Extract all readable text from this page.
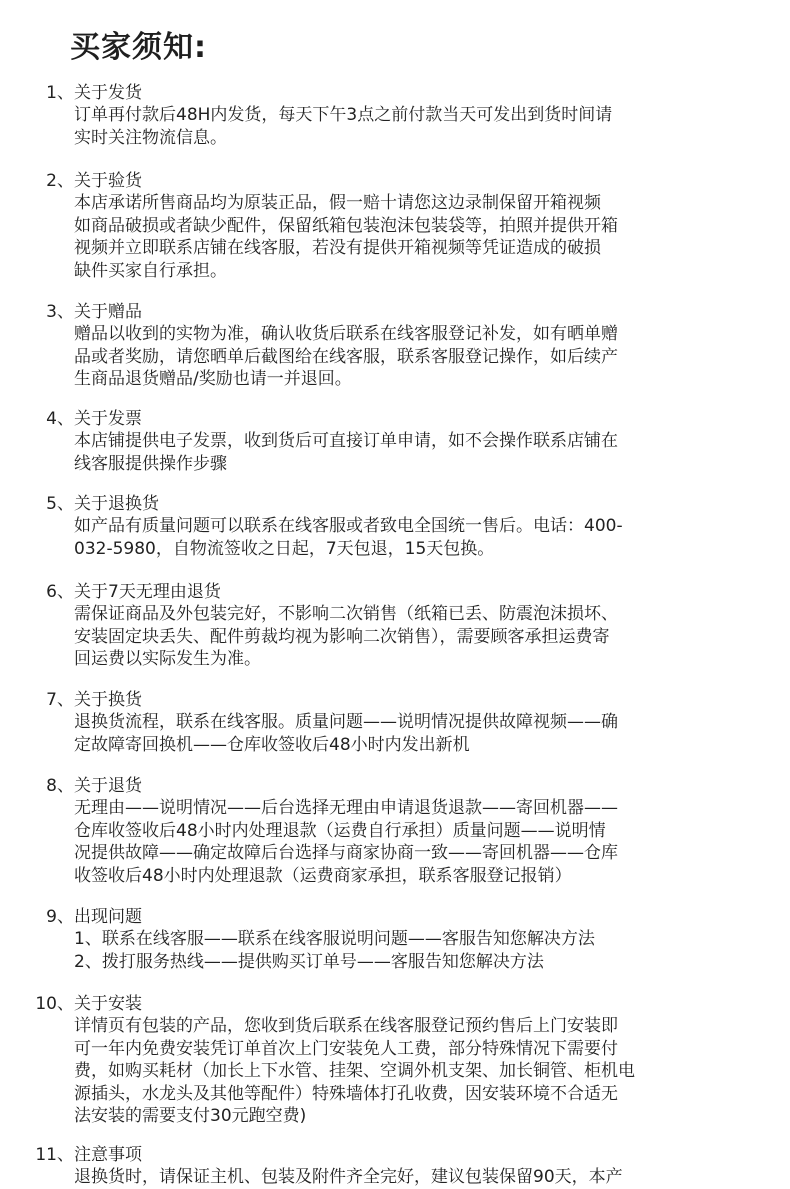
买家须知:
1、 关于发货
订单再付款后48H内发货，每天下午3点之前付款当天可发出到货时间请
实时关注物流信息。
2、 关于验货
本店承诺所售商品均为原装正品，假一赔十请您这边录制保留开箱视频
如商品破损或者缺少配件，保留纸箱包装泡沫包装袋等，拍照并提供开箱
视频并立即联系店铺在线客服，若没有提供开箱视频等凭证造成的破损
缺件买家自行承担。
3、 关于赠品
赠品以收到的实物为准，确认收货后联系在线客服登记补发，如有晒单赠
品或者奖励，请您晒单后截图给在线客服，联系客服登记操作，如后续产
生商品退货赠品/奖励也请一并退回。
4、 关于发票
本店铺提供电子发票，收到货后可直接订单申请，如不会操作联系店铺在
线客服提供操作步骤
5、 关于退换货
如产品有质量问题可以联系在线客服或者致电全国统一售后。电话：400-
032-5980，自物流签收之日起，7天包退，15天包换。
6、 关于7天无理由退货
需保证商品及外包装完好，不影响二次销售（纸箱已丢、防震泡沫损坏、
安装固定块丢失、配件剪裁均视为影响二次销售），需要顾客承担运费寄
回运费以实际发生为准。
7、 关于换货
退换货流程，联系在线客服。质量问题——说明情况提供故障视频——确
定故障寄回换机——仓库收签收后48小时内发出新机
8、 关于退货
无理由——说明情况——后台选择无理由申请退货退款——寄回机器——
仓库收签收后48小时内处理退款（运费自行承担）质量问题——说明情
况提供故障——确定故障后台选择与商家协商一致——寄回机器——仓库
收签收后48小时内处理退款（运费商家承担，联系客服登记报销）
9、 出现问题
1、联系在线客服——联系在线客服说明问题——客服告知您解决方法
2、拨打服务热线——提供购买订单号——客服告知您解决方法
10、 关于安装
详情页有包装的产品，您收到货后联系在线客服登记预约售后上门安装即
可一年内免费安装凭订单首次上门安装免人工费，部分特殊情况下需要付
费，如购买耗材（加长上下水管、挂架、空调外机支架、加长铜管、柜机电
源插头，水龙头及其他等配件）特殊墙体打孔收费，因安装环境不合适无
法安装的需要支付30元跑空费)
11、 注意事项
退换货时，请保证主机、包装及附件齐全完好，建议包装保留90天，本产
